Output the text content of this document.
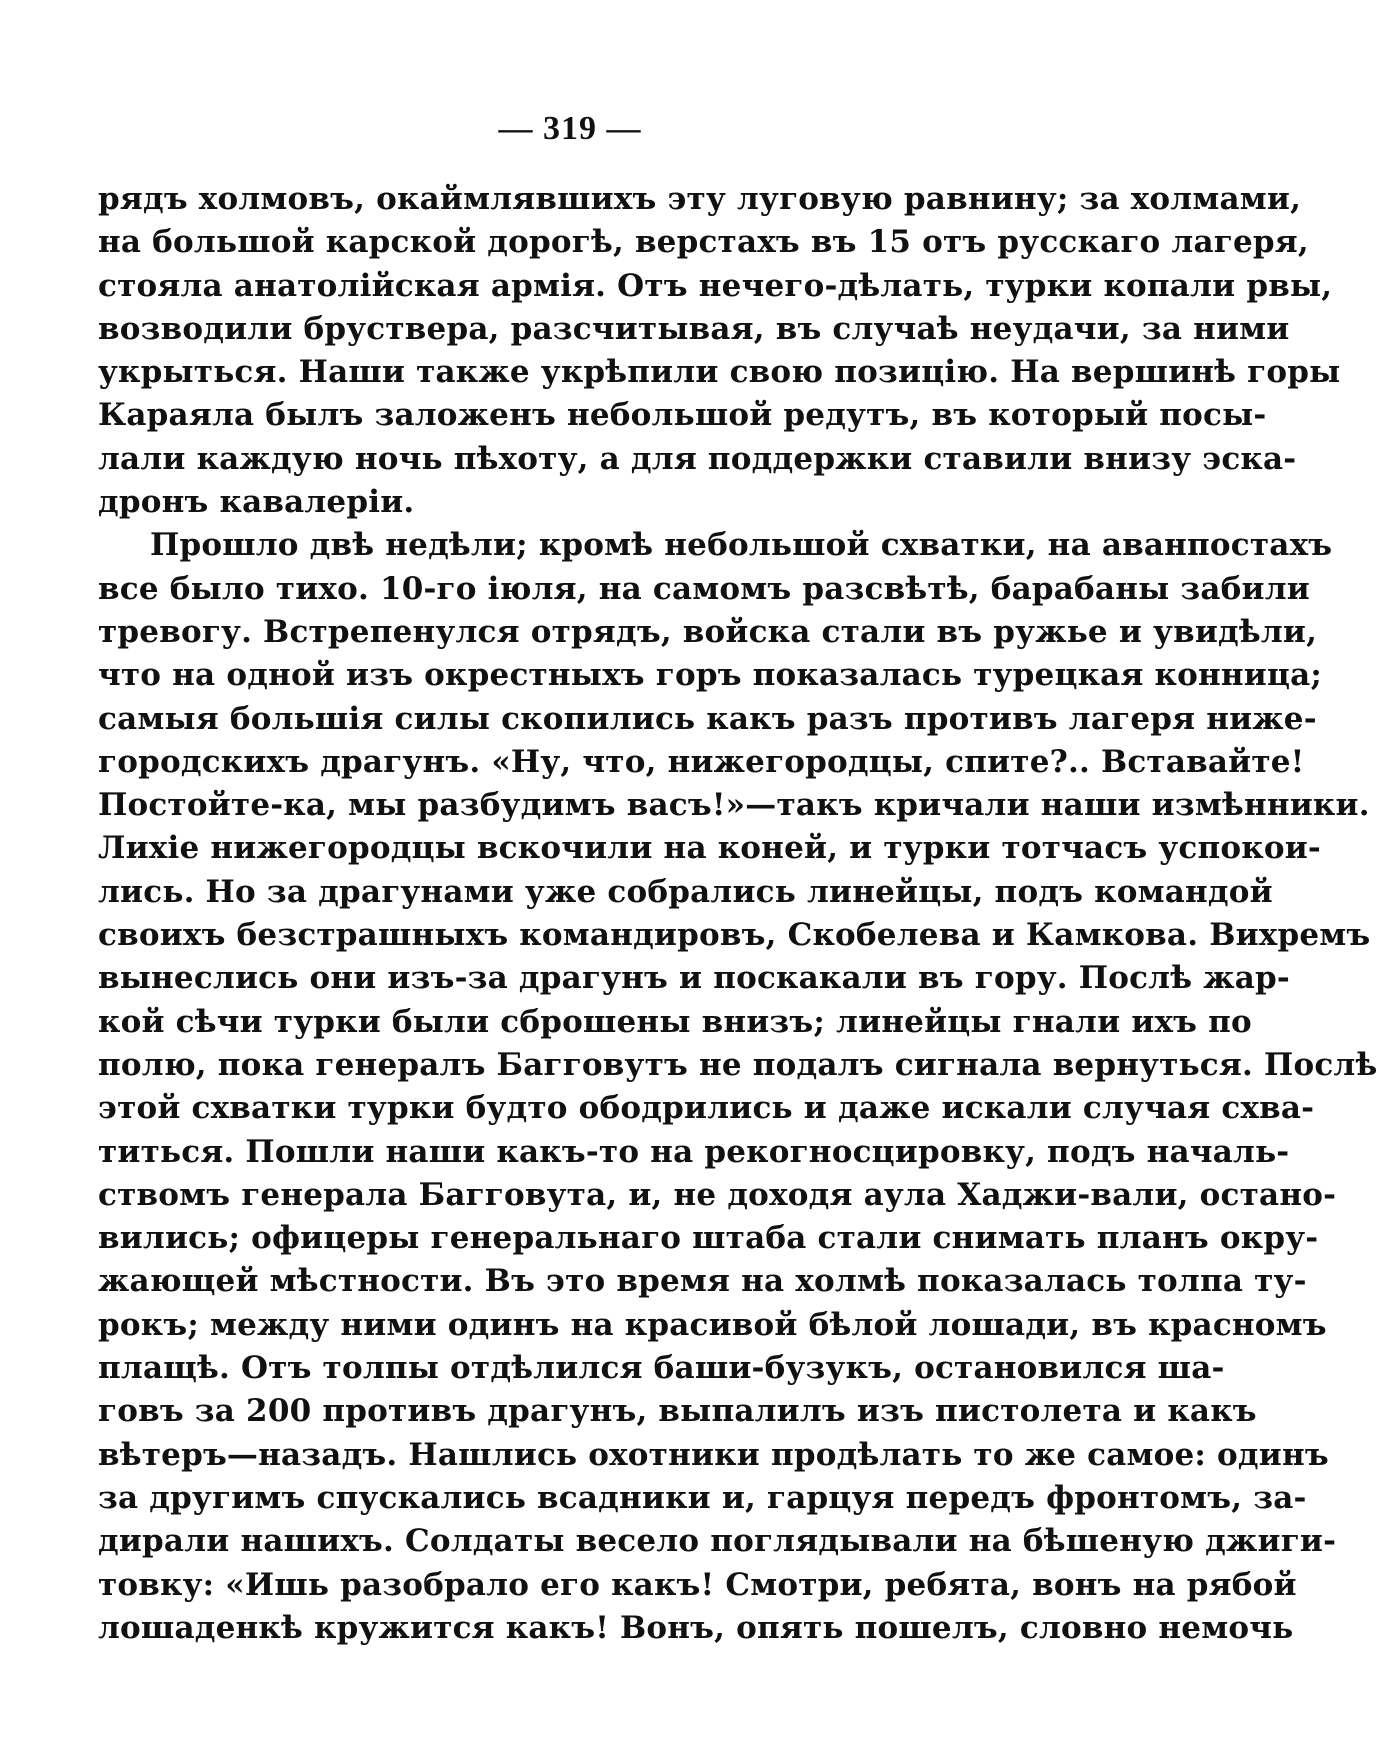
— 319 —
рядъ холмовъ, окаймлявшихъ эту луговую равнину; за холмами,
на большой карской дорогѣ, верстахъ въ 15 отъ русскаго лагеря,
стояла анатолійская армія. Отъ нечего-дѣлать, турки копали рвы,
возводили бруствера, разсчитывая, въ случаѣ неудачи, за ними
укрыться. Наши также укрѣпили свою позицію. На вершинѣ горы
Караяла былъ заложенъ небольшой редутъ, въ который посы-
лали каждую ночь пѣхоту, а для поддержки ставили внизу эска-
дронъ кавалеріи.
Прошло двѣ недѣли; кромѣ небольшой схватки, на аванпостахъ
все было тихо. 10-го іюля, на самомъ разсвѣтѣ, барабаны забили
тревогу. Встрепенулся отрядъ, войска стали въ ружье и увидѣли,
что на одной изъ окрестныхъ горъ показалась турецкая конница;
самыя большія силы скопились какъ разъ противъ лагеря ниже-
городскихъ драгунъ. «Ну, что, нижегородцы, спите?.. Вставайте!
Постойте-ка, мы разбудимъ васъ!»—такъ кричали наши измѣнники.
Лихіе нижегородцы вскочили на коней, и турки тотчасъ успокои-
лись. Но за драгунами уже собрались линейцы, подъ командой
своихъ безстрашныхъ командировъ, Скобелева и Камкова. Вихремъ
вынеслись они изъ-за драгунъ и поскакали въ гору. Послѣ жар-
кой сѣчи турки были сброшены внизъ; линейцы гнали ихъ по
полю, пока генералъ Багговутъ не подалъ сигнала вернуться. Послѣ
этой схватки турки будто ободрились и даже искали случая схва-
титься. Пошли наши какъ-то на рекогносцировку, подъ началь-
ствомъ генерала Багговута, и, не доходя аула Хаджи-вали, остано-
вились; офицеры генеральнаго штаба стали снимать планъ окру-
жающей мѣстности. Въ это время на холмѣ показалась толпа ту-
рокъ; между ними одинъ на красивой бѣлой лошади, въ красномъ
плащѣ. Отъ толпы отдѣлился баши-бузукъ, остановился ша-
говъ за 200 противъ драгунъ, выпалилъ изъ пистолета и какъ
вѣтеръ—назадъ. Нашлись охотники продѣлать то же самое: одинъ
за другимъ спускались всадники и, гарцуя передъ фронтомъ, за-
дирали нашихъ. Солдаты весело поглядывали на бѣшеную джиги-
товку: «Ишь разобрало его какъ! Смотри, ребята, вонъ на рябой
лошаденкѣ кружится какъ! Вонъ, опять пошелъ, словно немочь
